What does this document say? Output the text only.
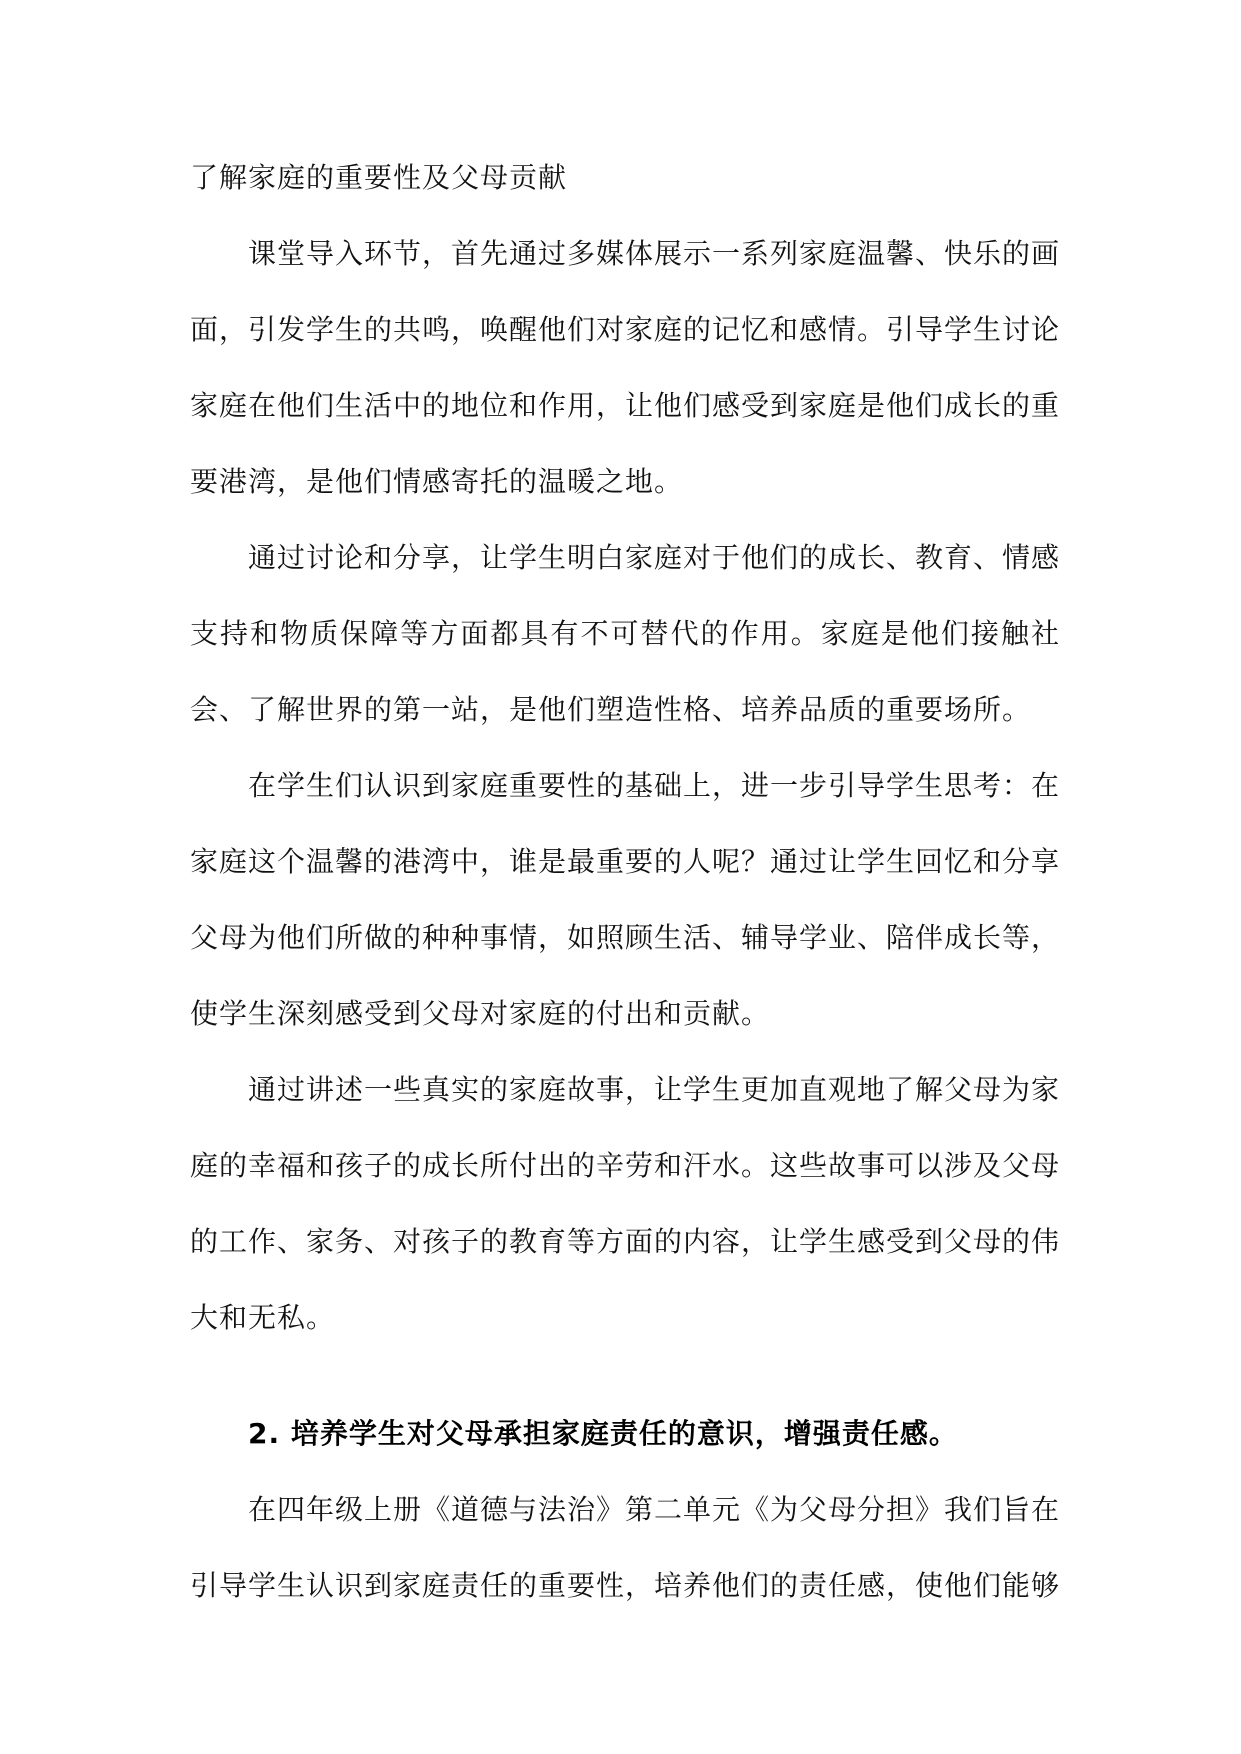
了解家庭的重要性及父母贡献

课堂导入环节，首先通过多媒体展示一系列家庭温馨、快乐的画面，引发学生的共鸣，唤醒他们对家庭的记忆和感情。引导学生讨论家庭在他们生活中的地位和作用，让他们感受到家庭是他们成长的重要港湾，是他们情感寄托的温暖之地。

通过讨论和分享，让学生明白家庭对于他们的成长、教育、情感支持和物质保障等方面都具有不可替代的作用。家庭是他们接触社会、了解世界的第一站，是他们塑造性格、培养品质的重要场所。

在学生们认识到家庭重要性的基础上，进一步引导学生思考：在家庭这个温馨的港湾中，谁是最重要的人呢？通过让学生回忆和分享父母为他们所做的种种事情，如照顾生活、辅导学业、陪伴成长等，使学生深刻感受到父母对家庭的付出和贡献。

通过讲述一些真实的家庭故事，让学生更加直观地了解父母为家庭的幸福和孩子的成长所付出的辛劳和汗水。这些故事可以涉及父母的工作、家务、对孩子的教育等方面的内容，让学生感受到父母的伟大和无私。

2. 培养学生对父母承担家庭责任的意识，增强责任感。

在四年级上册《道德与法治》第二单元《为父母分担》我们旨在引导学生认识到家庭责任的重要性，培养他们的责任感，使他们能够
